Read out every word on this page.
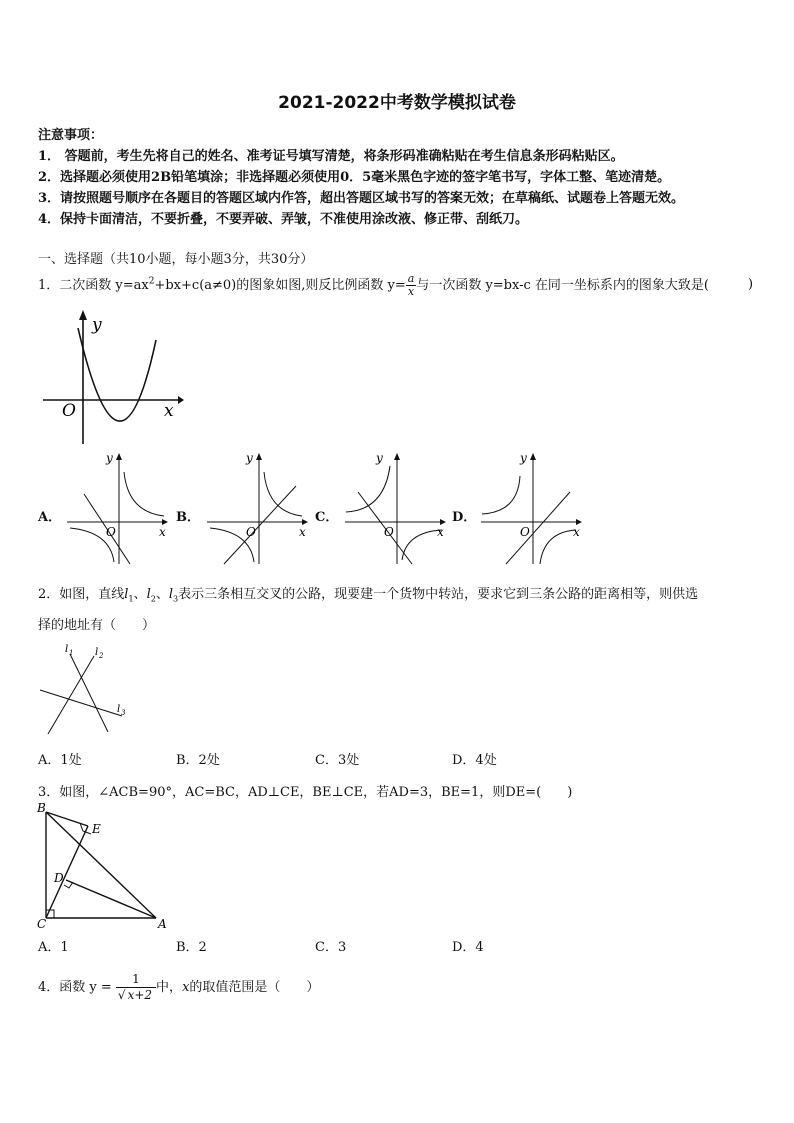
2021-2022中考数学模拟试卷
注意事项：
1． 答题前，考生先将自己的姓名、准考证号填写清楚，将条形码准确粘贴在考生信息条形码粘贴区。
2．选择题必须使用2B铅笔填涂；非选择题必须使用0．5毫米黑色字迹的签字笔书写，字体工整、笔迹清楚。
3．请按照题号顺序在各题目的答题区域内作答，超出答题区域书写的答案无效；在草稿纸、试题卷上答题无效。
4．保持卡面清洁，不要折叠，不要弄破、弄皱，不准使用涂改液、修正带、刮纸刀。
一、选择题（共10小题，每小题3分，共30分）
1．二次函数 $y=ax^2+bx+c(a\ne 0)$的图象如图,则反比例函数 $y= \frac{a}{x}$ 与一次函数 y=bx-c 在同一坐标系内的图象大致是(	)
y
x
O
A．	B．	C．	D．
y
x
O
y
x
O
y
x
O
y
x
O
2．如图，直线$l_1$、$l_2$、$l_3$表示三条相互交叉的公路，现要建一个货物中转站，要求它到三条公路的距离相等，则供选
择的地址有（　　）
l 1 l 2
l 3
A．1处	B．2处	C．3处	D．4处
3．如图，∠ACB=90°，AC=BC，AD⊥CE，BE⊥CE，若AD=3，BE=1，则DE=(　　)
B
E
D
C	A
A．1	B．2	C．3	D．4
4．函数 $y = \frac{1}{√ x+2}$ 中，x的取值范围是（　　）
